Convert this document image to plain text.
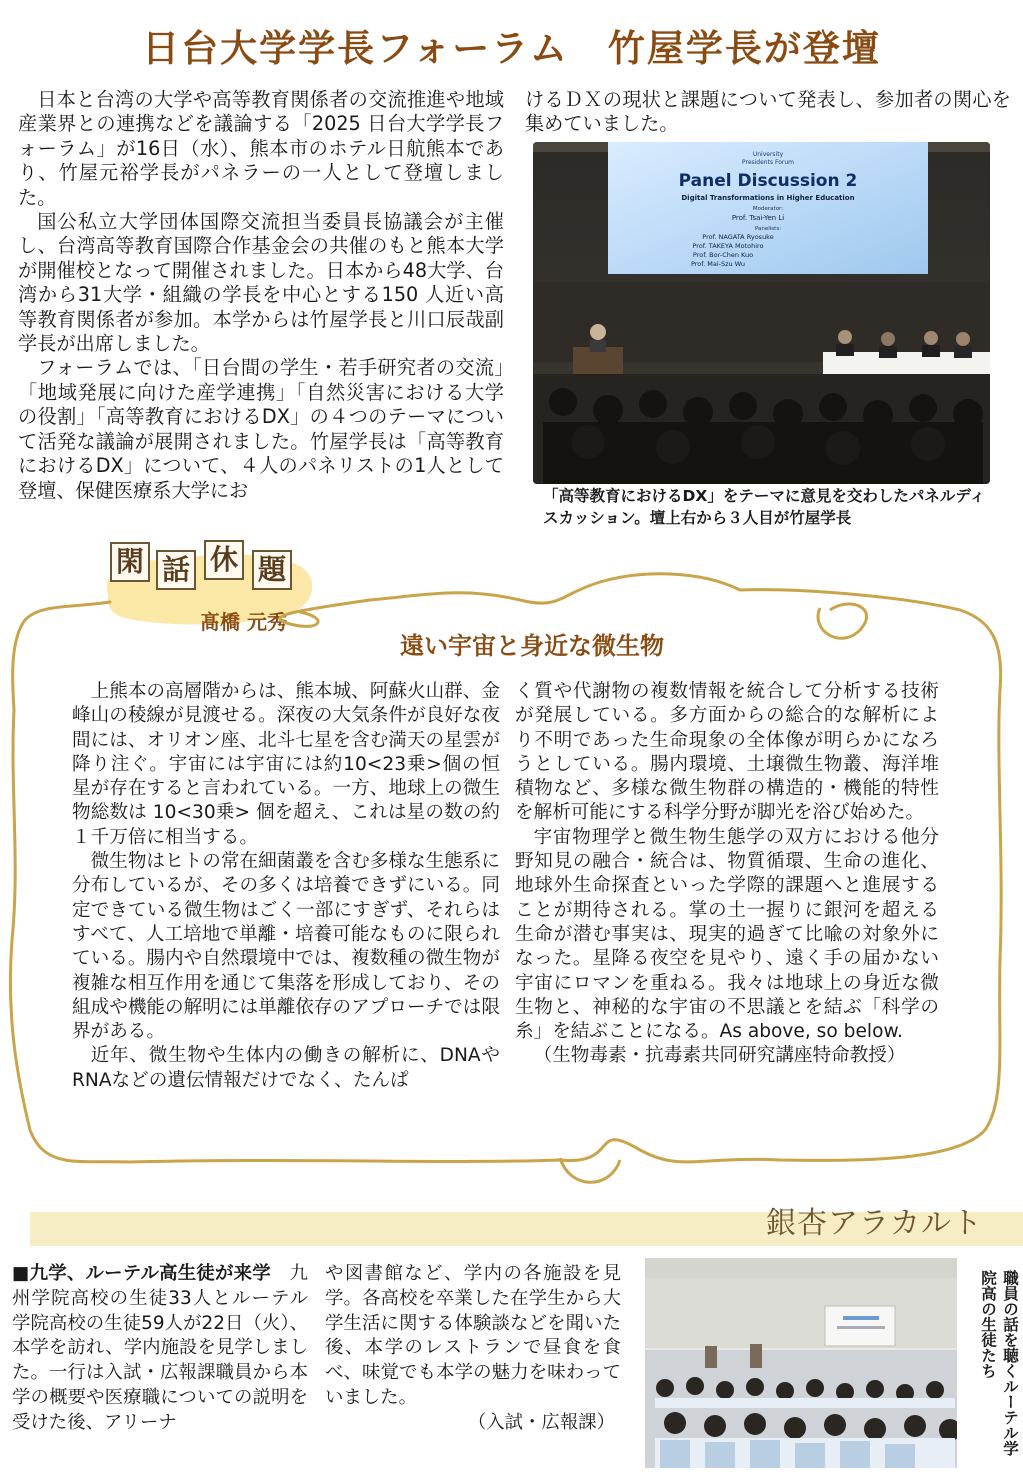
日台大学学長フォーラム　竹屋学長が登壇

日本と台湾の大学や高等教育関係者の交流推進や地域産業界との連携などを議論する「2025 日台大学学長フォーラム」が16日（水）、熊本市のホテル日航熊本であり、竹屋元裕学長がパネラーの一人として登壇しました。

国公私立大学団体国際交流担当委員長協議会が主催し、台湾高等教育国際合作基金会の共催のもと熊本大学が開催校となって開催されました。日本から48大学、台湾から31大学・組織の学長を中心とする150 人近い高等教育関係者が参加。本学からは竹屋学長と川口辰哉副学長が出席しました。

フォーラムでは、「日台間の学生・若手研究者の交流」「地域発展に向けた産学連携」「自然災害における大学の役割」「高等教育におけるDX」の４つのテーマについて活発な議論が展開されました。竹屋学長は「高等教育におけるDX」について、４人のパネリストの1人として登壇、保健医療系大学にお

けるＤＸの現状と課題について発表し、参加者の関心を集めていました。

University
Presidents Forum
Panel Discussion 2
Digital Transformations in Higher Education
Moderator:
Prof. Tsai-Yen Li
Panelists:
Prof. NAGATA Ryosuke
Prof. TAKEYA Motohiro
Prof. Bor-Chen Kuo
Prof. Mai-Szu Wu
「高等教育におけるDX」をテーマに意見を交わしたパネルディスカッション。壇上右から３人目が竹屋学長
閑 話 休 題
髙橋 元秀
遠い宇宙と身近な微生物

上熊本の高層階からは、熊本城、阿蘇火山群、金峰山の稜線が見渡せる。深夜の大気条件が良好な夜間には、オリオン座、北斗七星を含む満天の星雲が降り注ぐ。宇宙には宇宙には約10<23乗>個の恒星が存在すると言われている。一方、地球上の微生物総数は 10<30乗> 個を超え、これは星の数の約１千万倍に相当する。

微生物はヒトの常在細菌叢を含む多様な生態系に分布しているが、その多くは培養できずにいる。同定できている微生物はごく一部にすぎず、それらはすべて、人工培地で単離・培養可能なものに限られている。腸内や自然環境中では、複数種の微生物が複雑な相互作用を通じて集落を形成しており、その組成や機能の解明には単離依存のアプローチでは限界がある。

近年、微生物や生体内の働きの解析に、DNAやRNAなどの遺伝情報だけでなく、たんぱ

く質や代謝物の複数情報を統合して分析する技術が発展している。多方面からの総合的な解析により不明であった生命現象の全体像が明らかになろうとしている。腸内環境、土壌微生物叢、海洋堆積物など、多様な微生物群の構造的・機能的特性を解析可能にする科学分野が脚光を浴び始めた。

宇宙物理学と微生物生態学の双方における他分野知見の融合・統合は、物質循環、生命の進化、地球外生命探査といった学際的課題へと進展することが期待される。掌の土一握りに銀河を超える生命が潜む事実は、現実的過ぎて比喩の対象外になった。星降る夜空を見やり、遠く手の届かない宇宙にロマンを重ねる。我々は地球上の身近な微生物と、神秘的な宇宙の不思議とを結ぶ「科学の糸」を結ぶことになる。As above, so below.

（生物毒素・抗毒素共同研究講座特命教授）

銀杏アラカルト

■九学、ルーテル高生徒が来学　 九州学院高校の生徒33人とルーテル学院高校の生徒59人が22日（火）、本学を訪れ、学内施設を見学しました。一行は入試・広報課職員から本学の概要や医療職についての説明を受けた後、アリーナ

や図書館など、学内の各施設を見学。各高校を卒業した在学生から大学生活に関する体験談などを聞いた後、本学のレストランで昼食を食べ、味覚でも本学の魅力を味わっていました。

（入試・広報課）	職員の話を聴くルーテル学院高の生徒たち
